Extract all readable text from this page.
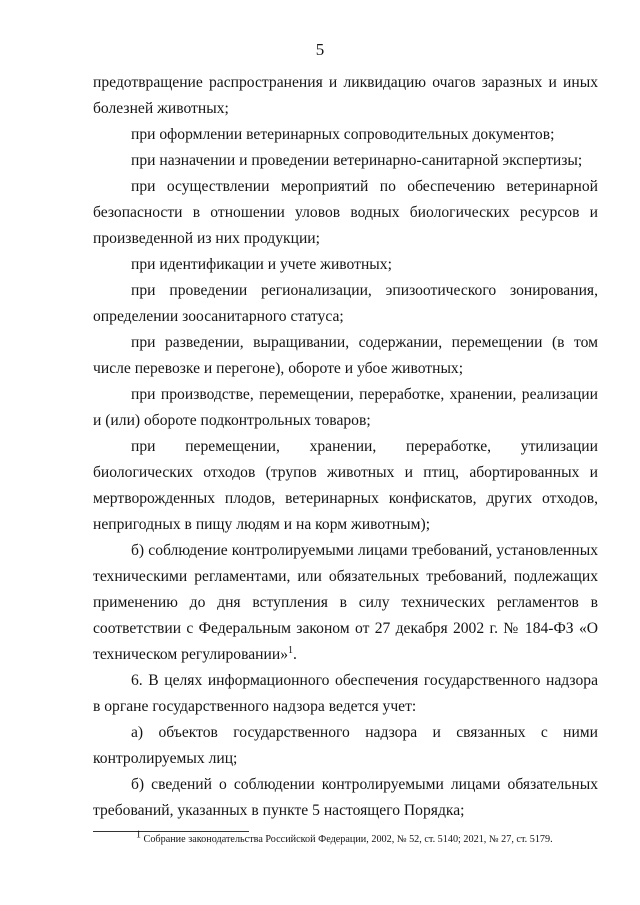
5

предотвращение распространения и ликвидацию очагов заразных и иных болезней животных;

при оформлении ветеринарных сопроводительных документов;

при назначении и проведении ветеринарно-санитарной экспертизы;

при осуществлении мероприятий по обеспечению ветеринарной безопасности в отношении уловов водных биологических ресурсов и произведенной из них продукции;

при идентификации и учете животных;

при проведении регионализации, эпизоотического зонирования, определении зоосанитарного статуса;

при разведении, выращивании, содержании, перемещении (в том числе перевозке и перегоне), обороте и убое животных;

при производстве, перемещении, переработке, хранении, реализации и (или) обороте подконтрольных товаров;

при перемещении, хранении, переработке, утилизации биологических отходов (трупов животных и птиц, абортированных и мертворожденных плодов, ветеринарных конфискатов, других отходов, непригодных в пищу людям и на корм животным);

б) соблюдение контролируемыми лицами требований, установленных техническими регламентами, или обязательных требований, подлежащих применению до дня вступления в силу технических регламентов в соответствии с Федеральным законом от 27 декабря 2002 г. № 184-ФЗ «О техническом регулировании»$^1$.

6. В целях информационного обеспечения государственного надзора в органе государственного надзора ведется учет:

а) объектов государственного надзора и связанных с ними контролируемых лиц;

б) сведений о соблюдении контролируемыми лицами обязательных требований, указанных в пункте 5 настоящего Порядка;

$^1$ Собрание законодательства Российской Федерации, 2002, № 52, ст. 5140; 2021, № 27, ст. 5179.
